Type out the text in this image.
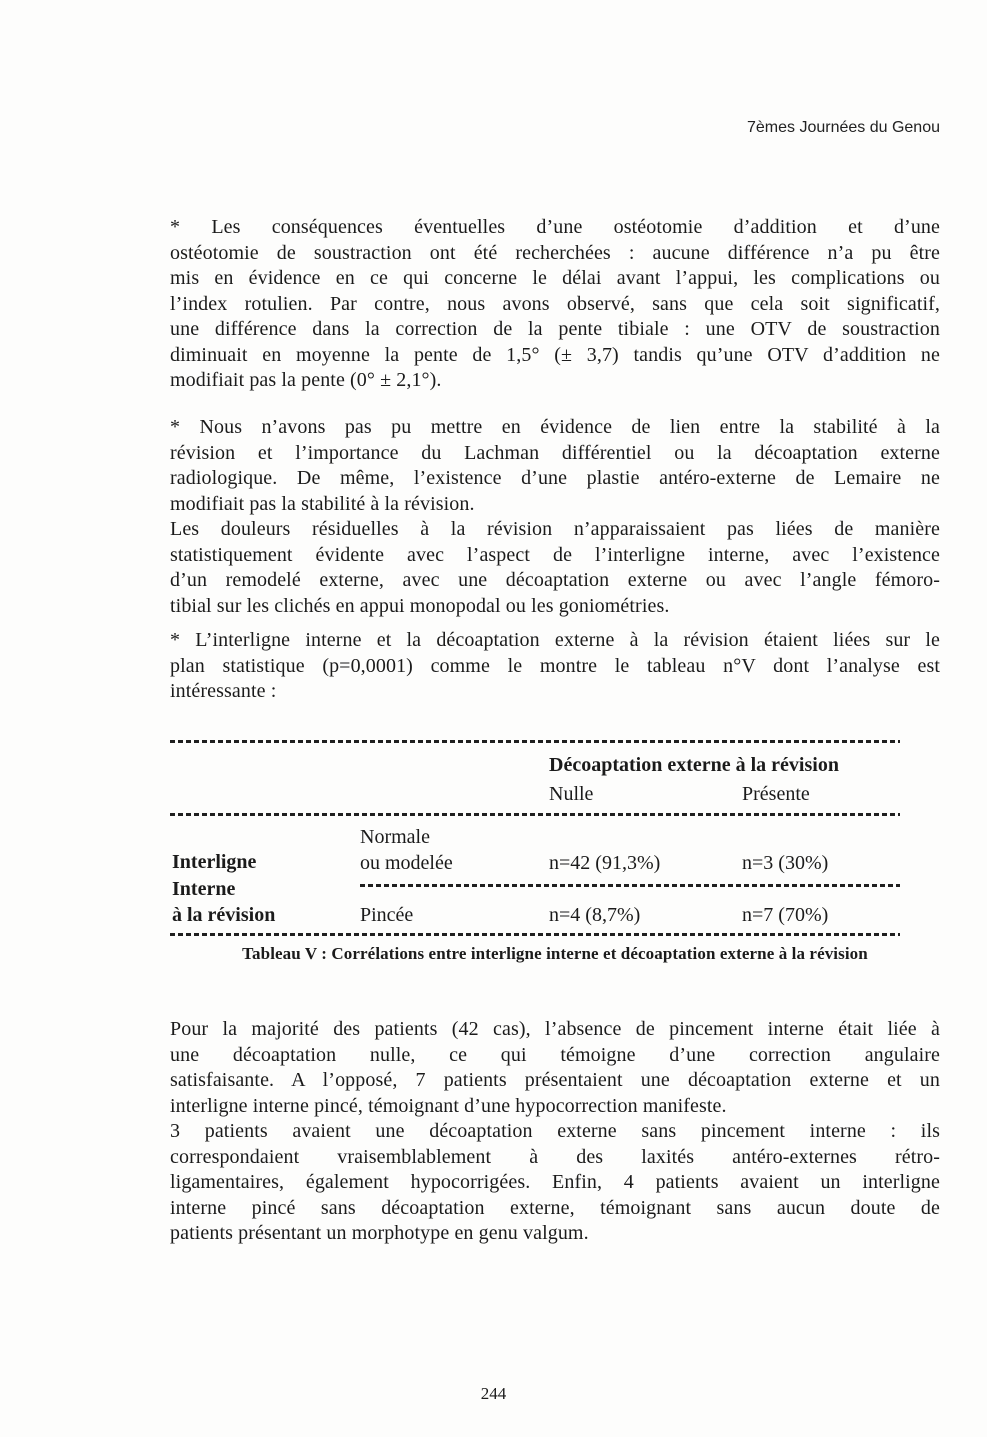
7èmes Journées du Genou
* Les conséquences éventuelles d’une ostéotomie d’addition et d’une
ostéotomie de soustraction ont été recherchées : aucune différence n’a pu être
mis en évidence en ce qui concerne le délai avant l’appui, les complications ou
l’index rotulien. Par contre, nous avons observé, sans que cela soit significatif,
une différence dans la correction de la pente tibiale : une OTV de soustraction
diminuait en moyenne la pente de 1,5° (± 3,7) tandis qu’une OTV d’addition ne
modifiait pas la pente (0° ± 2,1°).
* Nous n’avons pas pu mettre en évidence de lien entre la stabilité à la
révision et l’importance du Lachman différentiel ou la décoaptation externe
radiologique. De même, l’existence d’une plastie antéro-externe de Lemaire ne
modifiait pas la stabilité à la révision.
Les douleurs résiduelles à la révision n’apparaissaient pas liées de manière
statistiquement évidente avec l’aspect de l’interligne interne, avec l’existence
d’un remodelé externe, avec une décoaptation externe ou avec l’angle fémoro-
tibial sur les clichés en appui monopodal ou les goniométries.
* L’interligne interne et la décoaptation externe à la révision étaient liées sur le
plan statistique (p=0,0001) comme le montre le tableau n°V dont l’analyse est
intéressante :
Décoaptation externe à la révision
Nulle	Présente
Interligne
Interne
à la révision
Normale
ou modelée	n=42 (91,3%)	n=3 (30%)
Pincée	n=4 (8,7%)	n=7 (70%)
Tableau V : Corrélations entre interligne interne et décoaptation externe à la révision
Pour la majorité des patients (42 cas), l’absence de pincement interne était liée à
une décoaptation nulle, ce qui témoigne d’une correction angulaire
satisfaisante. A l’opposé, 7 patients présentaient une décoaptation externe et un
interligne interne pincé, témoignant d’une hypocorrection manifeste.
3 patients avaient une décoaptation externe sans pincement interne : ils
correspondaient vraisemblablement à des laxités antéro-externes rétro-
ligamentaires, également hypocorrigées. Enfin, 4 patients avaient un interligne
interne pincé sans décoaptation externe, témoignant sans aucun doute de
patients présentant un morphotype en genu valgum.
244
